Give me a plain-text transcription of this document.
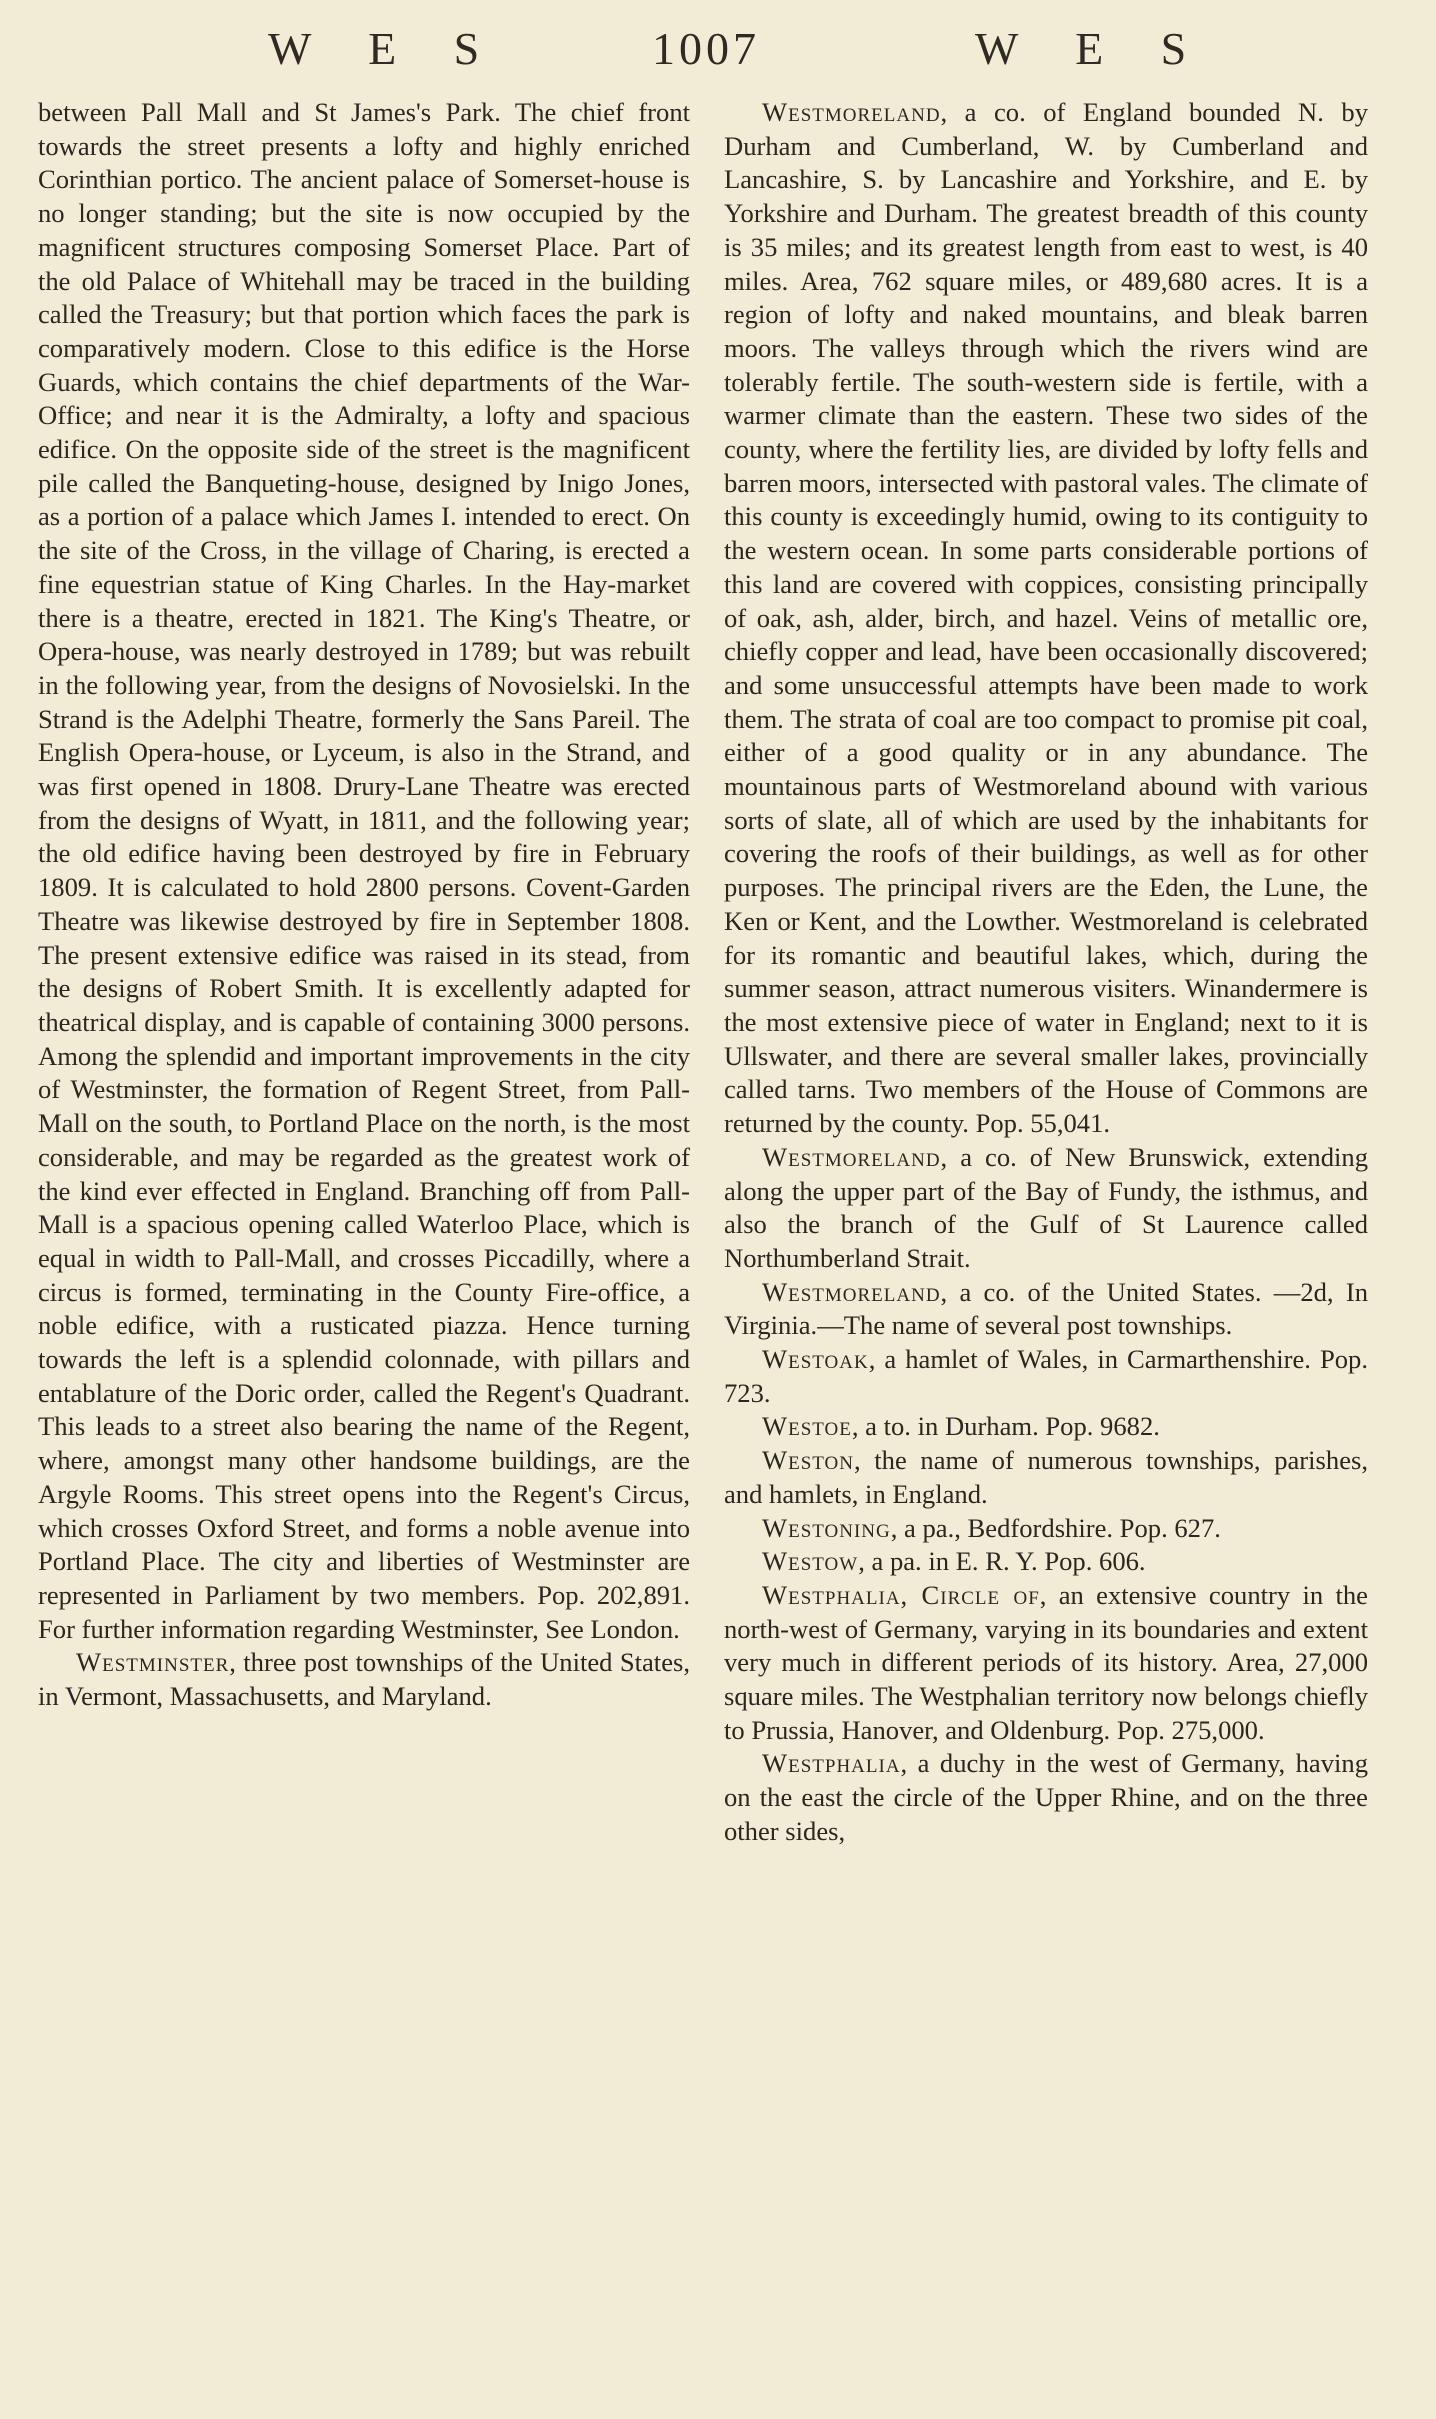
W E S	1007	W E S

between Pall Mall and St James's Park. The chief front towards the street presents a lofty and highly enriched Corinthian portico. The ancient palace of Somerset-house is no longer standing; but the site is now occupied by the magnificent structures composing Somerset Place. Part of the old Palace of Whitehall may be traced in the building called the Treasury; but that portion which faces the park is comparatively modern. Close to this edifice is the Horse Guards, which contains the chief departments of the War-Office; and near it is the Admiralty, a lofty and spacious edifice. On the opposite side of the street is the magnificent pile called the Banqueting-house, designed by Inigo Jones, as a portion of a palace which James I. intended to erect. On the site of the Cross, in the village of Charing, is erected a fine equestrian statue of King Charles. In the Hay-market there is a theatre, erected in 1821. The King's Theatre, or Opera-house, was nearly destroyed in 1789; but was rebuilt in the following year, from the designs of Novosielski. In the Strand is the Adelphi Theatre, formerly the Sans Pareil. The English Opera-house, or Lyceum, is also in the Strand, and was first opened in 1808. Drury-Lane Theatre was erected from the designs of Wyatt, in 1811, and the following year; the old edifice having been destroyed by fire in February 1809. It is calculated to hold 2800 persons. Covent-Garden Theatre was likewise destroyed by fire in September 1808. The present extensive edifice was raised in its stead, from the designs of Robert Smith. It is excellently adapted for theatrical display, and is capable of containing 3000 persons. Among the splendid and important improvements in the city of Westminster, the formation of Regent Street, from Pall-Mall on the south, to Portland Place on the north, is the most considerable, and may be regarded as the greatest work of the kind ever effected in England. Branching off from Pall-Mall is a spacious opening called Waterloo Place, which is equal in width to Pall-Mall, and crosses Piccadilly, where a circus is formed, terminating in the County Fire-office, a noble edifice, with a rusticated piazza. Hence turning towards the left is a splendid colonnade, with pillars and entablature of the Doric order, called the Regent's Quadrant. This leads to a street also bearing the name of the Regent, where, amongst many other handsome buildings, are the Argyle Rooms. This street opens into the Regent's Circus, which crosses Oxford Street, and forms a noble avenue into Portland Place. The city and liberties of Westminster are represented in Parliament by two members. Pop. 202,891. For further information regarding Westminster, See London.

Westminster, three post townships of the United States, in Vermont, Massachusetts, and Maryland.

Westmoreland, a co. of England bounded N. by Durham and Cumberland, W. by Cumberland and Lancashire, S. by Lancashire and Yorkshire, and E. by Yorkshire and Durham. The greatest breadth of this county is 35 miles; and its greatest length from east to west, is 40 miles. Area, 762 square miles, or 489,680 acres. It is a region of lofty and naked mountains, and bleak barren moors. The valleys through which the rivers wind are tolerably fertile. The south-western side is fertile, with a warmer climate than the eastern. These two sides of the county, where the fertility lies, are divided by lofty fells and barren moors, intersected with pastoral vales. The climate of this county is exceedingly humid, owing to its contiguity to the western ocean. In some parts considerable portions of this land are covered with coppices, consisting principally of oak, ash, alder, birch, and hazel. Veins of metallic ore, chiefly copper and lead, have been occasionally discovered; and some unsuccessful attempts have been made to work them. The strata of coal are too compact to promise pit coal, either of a good quality or in any abundance. The mountainous parts of Westmoreland abound with various sorts of slate, all of which are used by the inhabitants for covering the roofs of their buildings, as well as for other purposes. The principal rivers are the Eden, the Lune, the Ken or Kent, and the Lowther. Westmoreland is celebrated for its romantic and beautiful lakes, which, during the summer season, attract numerous visiters. Winandermere is the most extensive piece of water in England; next to it is Ullswater, and there are several smaller lakes, provincially called tarns. Two members of the House of Commons are returned by the county. Pop. 55,041.

Westmoreland, a co. of New Brunswick, extending along the upper part of the Bay of Fundy, the isthmus, and also the branch of the Gulf of St Laurence called Northumberland Strait.

Westmoreland, a co. of the United States. —2d, In Virginia.—The name of several post townships.

Westoak, a hamlet of Wales, in Carmarthenshire. Pop. 723.

Westoe, a to. in Durham. Pop. 9682.

Weston, the name of numerous townships, parishes, and hamlets, in England.

Westoning, a pa., Bedfordshire. Pop. 627.

Westow, a pa. in E. R. Y. Pop. 606.

Westphalia, Circle of, an extensive country in the north-west of Germany, varying in its boundaries and extent very much in different periods of its history. Area, 27,000 square miles. The Westphalian territory now belongs chiefly to Prussia, Hanover, and Oldenburg. Pop. 275,000.

Westphalia, a duchy in the west of Germany, having on the east the circle of the Upper Rhine, and on the three other sides,
